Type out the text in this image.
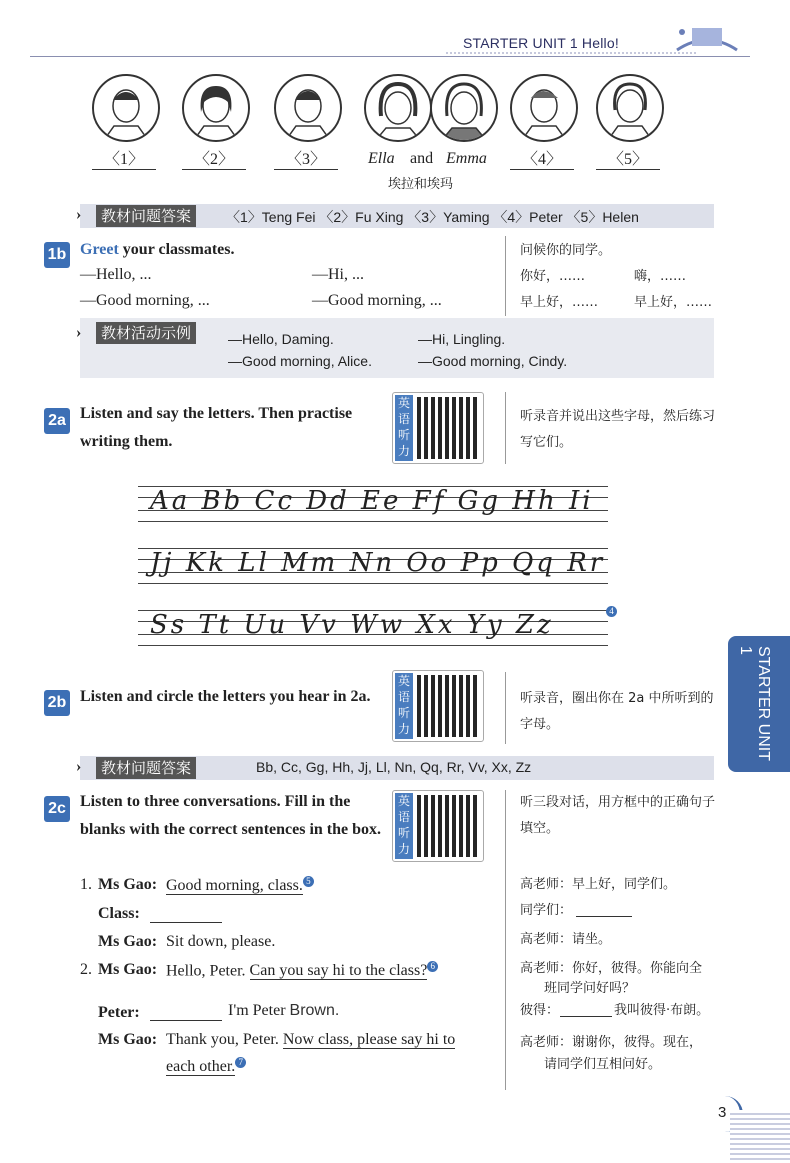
STARTER UNIT 1 Hello!
〈1〉	〈2〉	〈3〉	Ella and Emma	〈4〉	〈5〉
埃拉和埃玛
›	教材问题答案	〈1〉Teng Fei 〈2〉Fu Xing 〈3〉Yaming 〈4〉Peter 〈5〉Helen
1b Greet your classmates.
—Hello, ...	—Hi, ...
—Good morning, ...	—Good morning, ...
问候你的同学。
你好，……	嗨，……
早上好，……	早上好，……
›	教材活动示例	—Hello, Daming.	—Hi, Lingling.
—Good morning, Alice.	—Good morning, Cindy.
2a Listen and say the letters. Then practise writing them.
英语听力
听录音并说出这些字母，然后练习写它们。
Aa Bb Cc Dd Ee Ff Gg Hh Ii
Jj Kk Ll Mm Nn Oo Pp Qq Rr
Ss Tt Uu Vv Ww Xx Yy Zz	4
STARTER UNIT 1
2b Listen and circle the letters you hear in 2a.
英语听力
听录音，圈出你在 2a 中所听到的字母。
›	教材问题答案	Bb, Cc, Gg, Hh, Jj, Ll, Nn, Qq, Rr, Vv, Xx, Zz
2c Listen to three conversations. Fill in the blanks with the correct sentences in the box.
英语听力
听三段对话，用方框中的正确句子填空。
1. Ms Gao: Good morning, class. 5
Class:
Ms Gao: Sit down, please.
2. Ms Gao: Hello, Peter. Can you say hi to the class? 6
Peter:	I'm Peter Brown.
Ms Gao: Thank you, Peter. Now class, please say hi to
each other. 7
高老师：早上好，同学们。
同学们：
高老师：请坐。
高老师：你好，彼得。你能向全
班同学问好吗？
彼得：	我叫彼得·布朗。
高老师：谢谢你，彼得。现在，
请同学们互相问好。
3
